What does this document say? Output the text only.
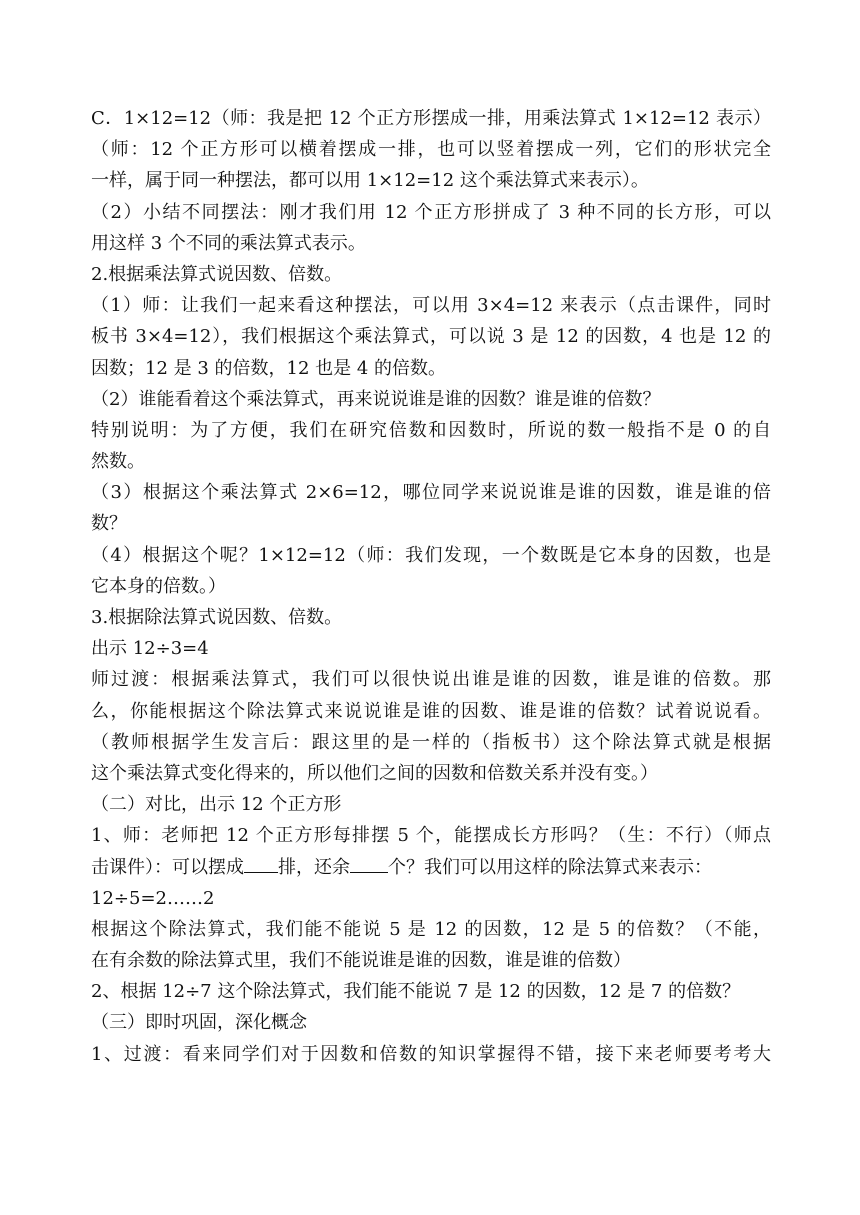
C．1×12=12（师：我是把 12 个正方形摆成一排，用乘法算式 1×12=12 表示）
（师：12 个正方形可以横着摆成一排，也可以竖着摆成一列，它们的形状完全
一样，属于同一种摆法，都可以用 1×12=12 这个乘法算式来表示）。
（2）小结不同摆法：刚才我们用 12 个正方形拼成了 3 种不同的长方形，可以
用这样 3 个不同的乘法算式表示。
2.根据乘法算式说因数、倍数。
（1）师：让我们一起来看这种摆法，可以用 3×4=12 来表示（点击课件，同时
板书 3×4=12），我们根据这个乘法算式，可以说 3 是 12 的因数，4 也是 12 的
因数；12 是 3 的倍数，12 也是 4 的倍数。
（2）谁能看着这个乘法算式，再来说说谁是谁的因数？谁是谁的倍数？
特别说明：为了方便，我们在研究倍数和因数时，所说的数一般指不是 0 的自
然数。
（3）根据这个乘法算式 2×6=12，哪位同学来说说谁是谁的因数，谁是谁的倍
数？
（4）根据这个呢？1×12=12（师：我们发现，一个数既是它本身的因数，也是
它本身的倍数。）
3.根据除法算式说因数、倍数。
出示 12÷3=4
师过渡：根据乘法算式，我们可以很快说出谁是谁的因数，谁是谁的倍数。那
么，你能根据这个除法算式来说说谁是谁的因数、谁是谁的倍数？试着说说看。
（教师根据学生发言后：跟这里的是一样的（指板书）这个除法算式就是根据
这个乘法算式变化得来的，所以他们之间的因数和倍数关系并没有变。）
（二）对比，出示 12 个正方形
1、师：老师把 12 个正方形每排摆 5 个，能摆成长方形吗？（生：不行）（师点
击课件）：可以摆成 排，还余 个？我们可以用这样的除法算式来表示：
12÷5=2……2
根据这个除法算式，我们能不能说 5 是 12 的因数，12 是 5 的倍数？（不能，
在有余数的除法算式里，我们不能说谁是谁的因数，谁是谁的倍数）
2、根据 12÷7 这个除法算式，我们能不能说 7 是 12 的因数，12 是 7 的倍数？
（三）即时巩固，深化概念
1、过渡：看来同学们对于因数和倍数的知识掌握得不错，接下来老师要考考大
